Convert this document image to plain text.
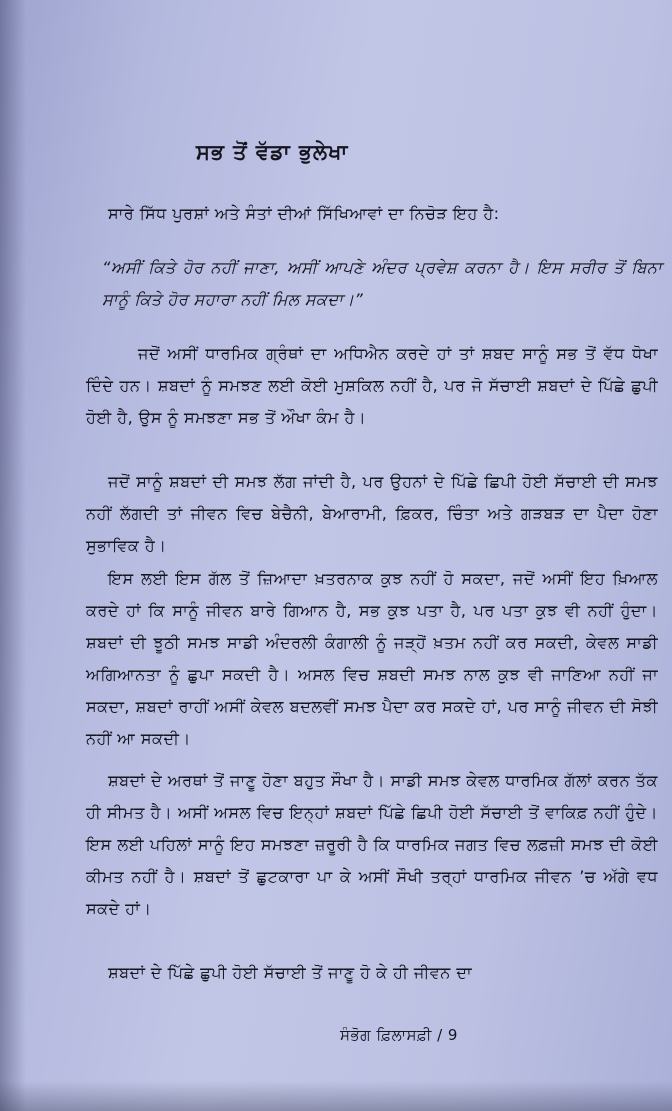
ਸਭ ਤੋਂ ਵੱਡਾ ਭੁਲੇਖਾ
ਸਾਰੇ ਸਿੱਧ ਪੁਰਸ਼ਾਂ ਅਤੇ ਸੰਤਾਂ ਦੀਆਂ ਸਿੱਖਿਆਵਾਂ ਦਾ ਨਿਚੋੜ ਇਹ ਹੈ:
“ਅਸੀਂ ਕਿਤੇ ਹੋਰ ਨਹੀਂ ਜਾਣਾ, ਅਸੀਂ ਆਪਣੇ ਅੰਦਰ ਪ੍ਰਵੇਸ਼ ਕਰਨਾ ਹੈ। ਇਸ ਸਰੀਰ ਤੋਂ ਬਿਨਾ ਸਾਨੂੰ ਕਿਤੇ ਹੋਰ ਸਹਾਰਾ ਨਹੀਂ ਮਿਲ ਸਕਦਾ।”
ਜਦੋਂ ਅਸੀਂ ਧਾਰਮਿਕ ਗ੍ਰੰਥਾਂ ਦਾ ਅਧਿਐਨ ਕਰਦੇ ਹਾਂ ਤਾਂ ਸ਼ਬਦ ਸਾਨੂੰ ਸਭ ਤੋਂ ਵੱਧ ਧੋਖਾ ਦਿੰਦੇ ਹਨ। ਸ਼ਬਦਾਂ ਨੂੰ ਸਮਝਣ ਲਈ ਕੋਈ ਮੁਸ਼ਕਿਲ ਨਹੀਂ ਹੈ, ਪਰ ਜੋ ਸੱਚਾਈ ਸ਼ਬਦਾਂ ਦੇ ਪਿੱਛੇ ਛੁਪੀ ਹੋਈ ਹੈ, ਉਸ ਨੂੰ ਸਮਝਣਾ ਸਭ ਤੋਂ ਔਖਾ ਕੰਮ ਹੈ।
ਜਦੋਂ ਸਾਨੂੰ ਸ਼ਬਦਾਂ ਦੀ ਸਮਝ ਲੱਗ ਜਾਂਦੀ ਹੈ, ਪਰ ਉਹਨਾਂ ਦੇ ਪਿੱਛੇ ਛਿਪੀ ਹੋਈ ਸੱਚਾਈ ਦੀ ਸਮਝ ਨਹੀਂ ਲੱਗਦੀ ਤਾਂ ਜੀਵਨ ਵਿਚ ਬੇਚੈਨੀ, ਬੇਆਰਾਮੀ, ਫ਼ਿਕਰ, ਚਿੰਤਾ ਅਤੇ ਗੜਬੜ ਦਾ ਪੈਦਾ ਹੋਣਾ ਸੁਭਾਵਿਕ ਹੈ।
ਇਸ ਲਈ ਇਸ ਗੱਲ ਤੋਂ ਜ਼ਿਆਦਾ ਖ਼ਤਰਨਾਕ ਕੁਝ ਨਹੀਂ ਹੋ ਸਕਦਾ, ਜਦੋਂ ਅਸੀਂ ਇਹ ਖ਼ਿਆਲ ਕਰਦੇ ਹਾਂ ਕਿ ਸਾਨੂੰ ਜੀਵਨ ਬਾਰੇ ਗਿਆਨ ਹੈ, ਸਭ ਕੁਝ ਪਤਾ ਹੈ, ਪਰ ਪਤਾ ਕੁਝ ਵੀ ਨਹੀਂ ਹੁੰਦਾ। ਸ਼ਬਦਾਂ ਦੀ ਝੂਠੀ ਸਮਝ ਸਾਡੀ ਅੰਦਰਲੀ ਕੰਗਾਲੀ ਨੂੰ ਜੜ੍ਹੋਂ ਖ਼ਤਮ ਨਹੀਂ ਕਰ ਸਕਦੀ, ਕੇਵਲ ਸਾਡੀ ਅਗਿਆਨਤਾ ਨੂੰ ਛੁਪਾ ਸਕਦੀ ਹੈ। ਅਸਲ ਵਿਚ ਸ਼ਬਦੀ ਸਮਝ ਨਾਲ ਕੁਝ ਵੀ ਜਾਣਿਆ ਨਹੀਂ ਜਾ ਸਕਦਾ, ਸ਼ਬਦਾਂ ਰਾਹੀਂ ਅਸੀਂ ਕੇਵਲ ਬਦਲਵੀਂ ਸਮਝ ਪੈਦਾ ਕਰ ਸਕਦੇ ਹਾਂ, ਪਰ ਸਾਨੂੰ ਜੀਵਨ ਦੀ ਸੋਝੀ ਨਹੀਂ ਆ ਸਕਦੀ।
ਸ਼ਬਦਾਂ ਦੇ ਅਰਥਾਂ ਤੋਂ ਜਾਣੂ ਹੋਣਾ ਬਹੁਤ ਸੌਖਾ ਹੈ। ਸਾਡੀ ਸਮਝ ਕੇਵਲ ਧਾਰਮਿਕ ਗੱਲਾਂ ਕਰਨ ਤੱਕ ਹੀ ਸੀਮਤ ਹੈ। ਅਸੀਂ ਅਸਲ ਵਿਚ ਇਨ੍ਹਾਂ ਸ਼ਬਦਾਂ ਪਿੱਛੇ ਛਿਪੀ ਹੋਈ ਸੱਚਾਈ ਤੋਂ ਵਾਕਿਫ਼ ਨਹੀਂ ਹੁੰਦੇ। ਇਸ ਲਈ ਪਹਿਲਾਂ ਸਾਨੂੰ ਇਹ ਸਮਝਣਾ ਜ਼ਰੂਰੀ ਹੈ ਕਿ ਧਾਰਮਿਕ ਜਗਤ ਵਿਚ ਲਫ਼ਜ਼ੀ ਸਮਝ ਦੀ ਕੋਈ ਕੀਮਤ ਨਹੀਂ ਹੈ। ਸ਼ਬਦਾਂ ਤੋਂ ਛੁਟਕਾਰਾ ਪਾ ਕੇ ਅਸੀਂ ਸੌਖੀ ਤਰ੍ਹਾਂ ਧਾਰਮਿਕ ਜੀਵਨ ’ਚ ਅੱਗੇ ਵਧ ਸਕਦੇ ਹਾਂ।
ਸ਼ਬਦਾਂ ਦੇ ਪਿੱਛੇ ਛੁਪੀ ਹੋਈ ਸੱਚਾਈ ਤੋਂ ਜਾਣੂ ਹੋ ਕੇ ਹੀ ਜੀਵਨ ਦਾ
ਸੰਭੋਗ ਫ਼ਿਲਾਸਫ਼ੀ / 9
